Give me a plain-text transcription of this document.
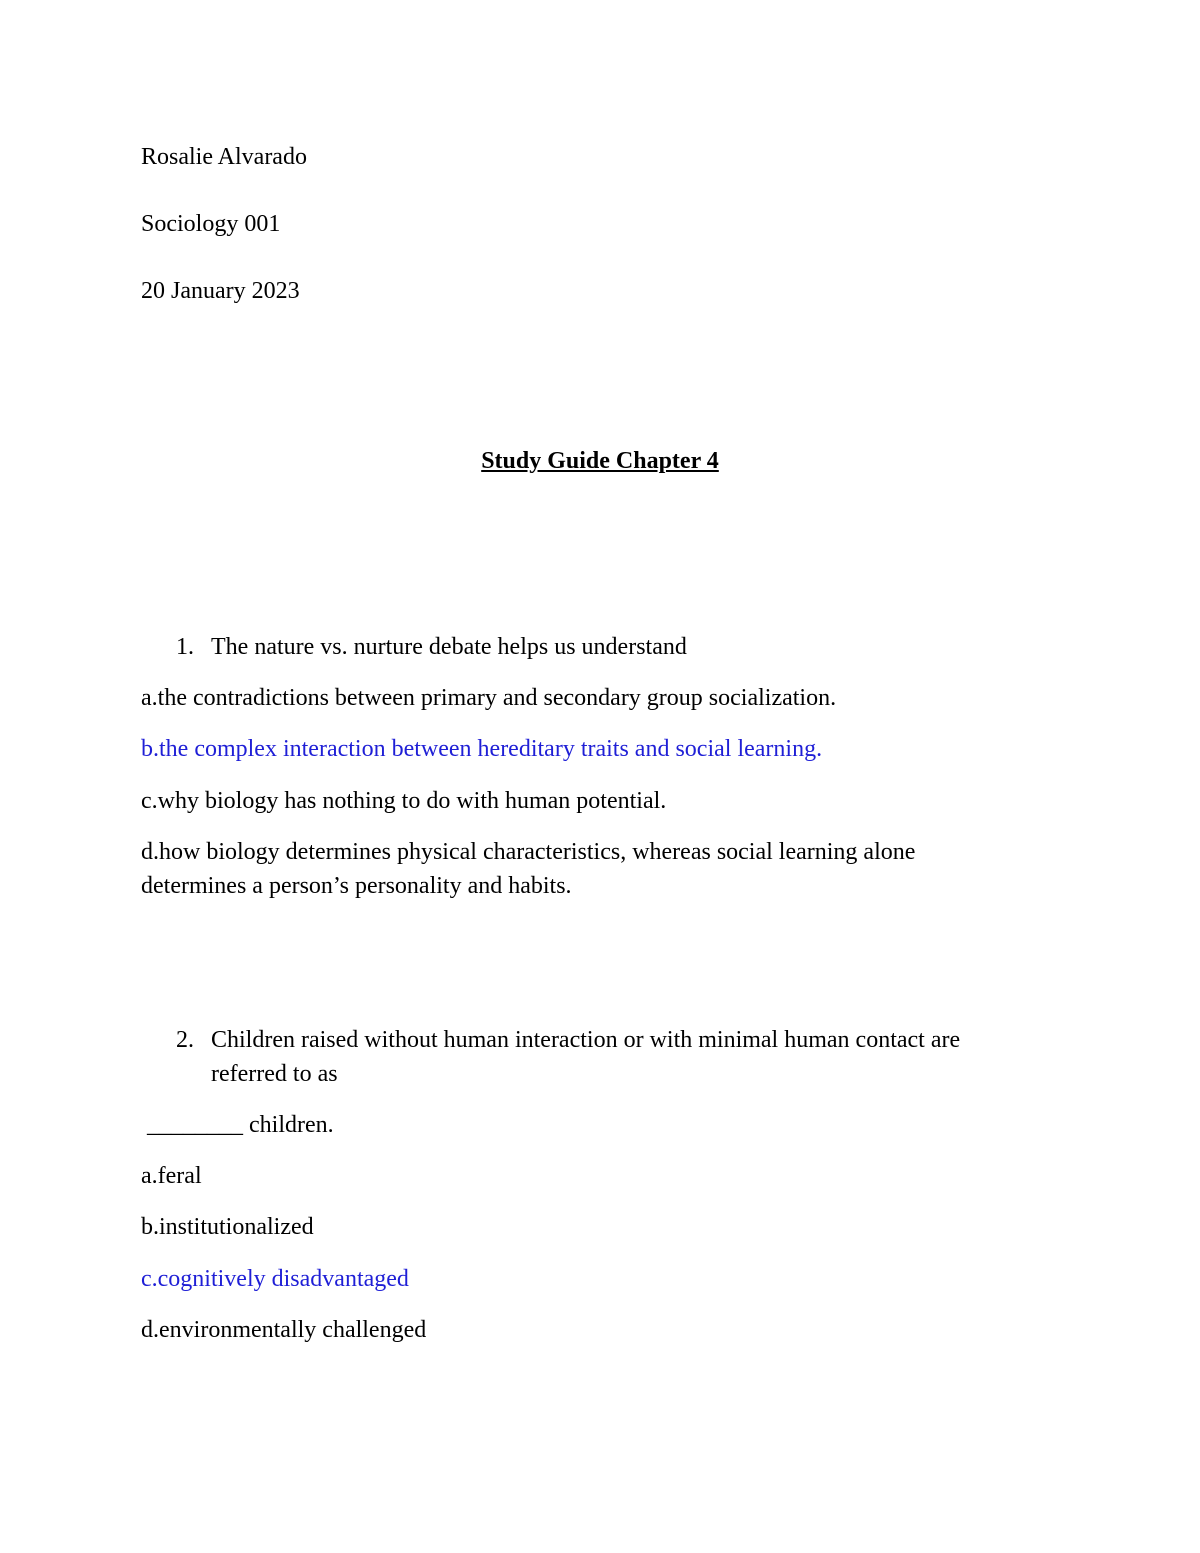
Rosalie Alvarado
Sociology 001
20 January 2023
Study Guide Chapter 4
1. The nature vs. nurture debate helps us understand
a.the contradictions between primary and secondary group socialization.
b.the complex interaction between hereditary traits and social learning.
c.why biology has nothing to do with human potential.
d.how biology determines physical characteristics, whereas social learning alone determines a person’s personality and habits.
2. Children raised without human interaction or with minimal human contact are referred to as
________ children.
a.feral
b.institutionalized
c.cognitively disadvantaged
d.environmentally challenged
